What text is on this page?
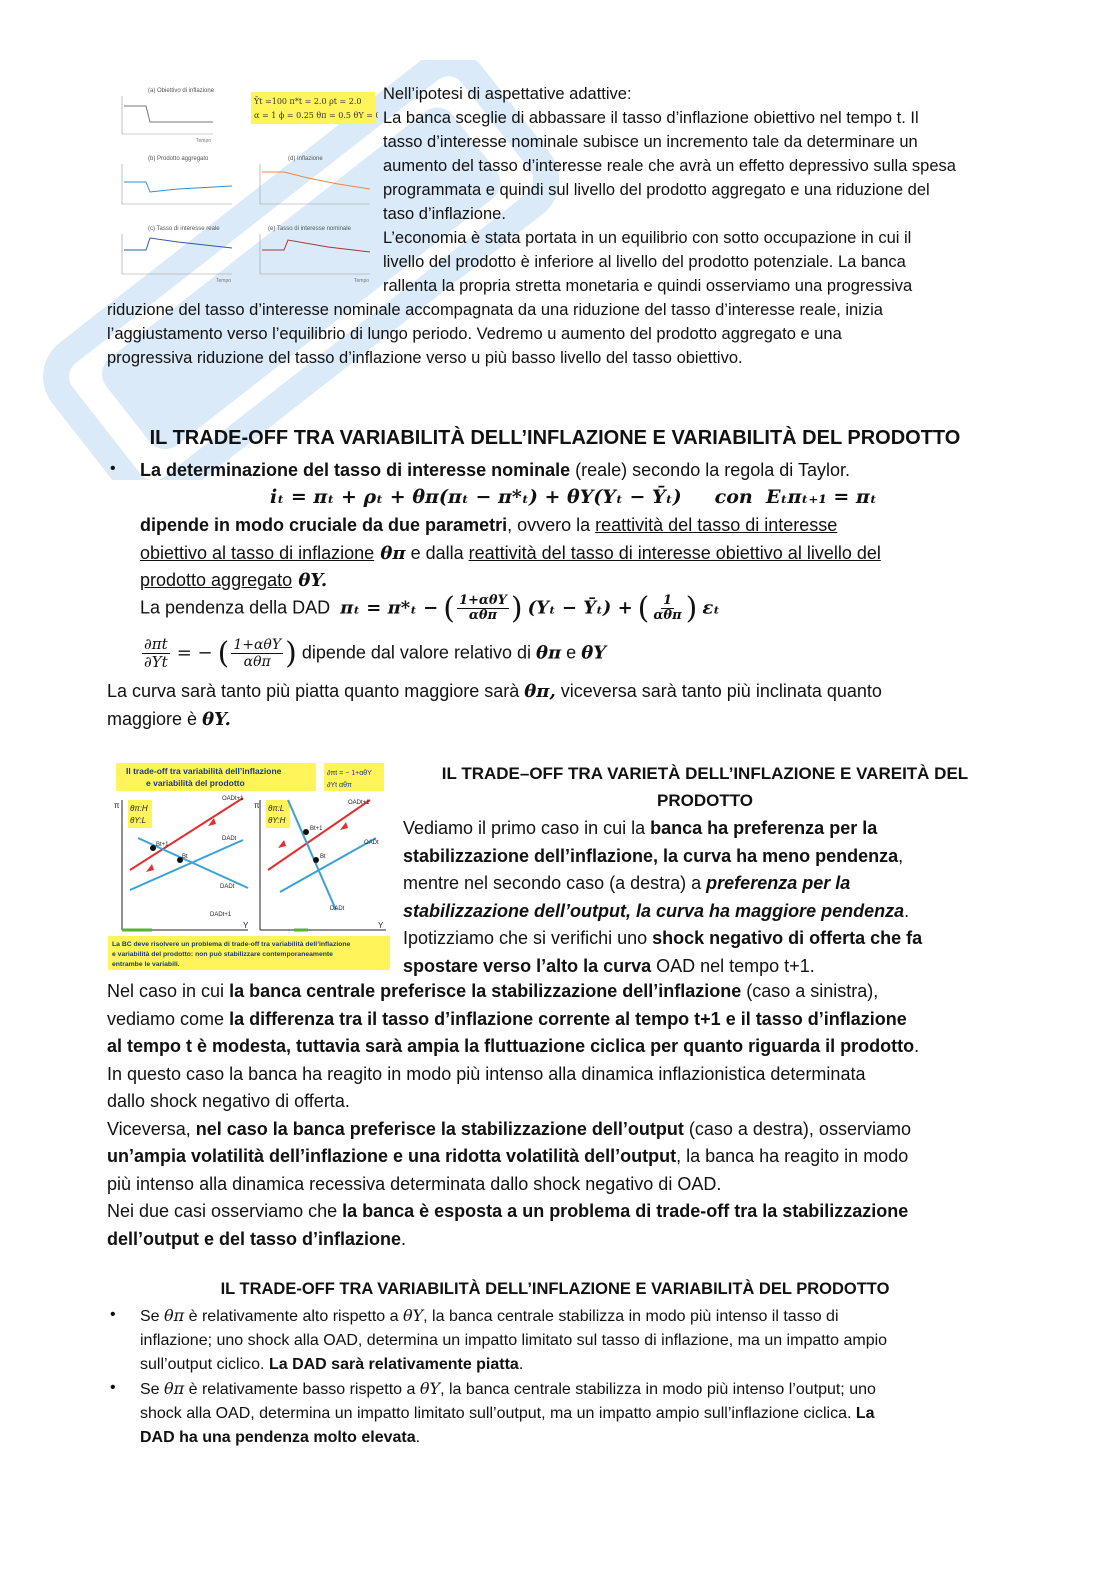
Ȳt =100 π*t = 2.0 ρt = 2.0
α = 1 ϕ = 0.25 θπ = 0.5 θY = 0.5
(a) Obiettivo di inflazione
Tempo
(b) Prodotto aggregato	(d) Inflazione
(c) Tasso di interesse reale	(e) Tasso di interesse nominale
Tempo	Tempo

Nell’ipotesi di aspettative adattive:

La banca sceglie di abbassare il tasso d’inflazione obiettivo nel tempo t. Il

tasso d’interesse nominale subisce un incremento tale da determinare un

aumento del tasso d’interesse reale che avrà un effetto depressivo sulla spesa

programmata e quindi sul livello del prodotto aggregato e una riduzione del

taso d’inflazione.

L’economia è stata portata in un equilibrio con sotto occupazione in cui il

livello del prodotto è inferiore al livello del prodotto potenziale. La banca

rallenta la propria stretta monetaria e quindi osserviamo una progressiva

riduzione del tasso d’interesse nominale accompagnata da una riduzione del tasso d’interesse reale, inizia

l’aggiustamento verso l’equilibrio di lungo periodo. Vedremo u aumento del prodotto aggregato e una

progressiva riduzione del tasso d’inflazione verso u più basso livello del tasso obiettivo.

IL TRADE-OFF TRA VARIABILITÀ DELL’INFLAZIONE E VARIABILITÀ DEL PRODOTTO
• La determinazione del tasso di interesse nominale (reale) secondo la regola di Taylor.
iₜ = πₜ + ρₜ + θπ(πₜ − π*ₜ) + θY(Yₜ − Ȳₜ)     con  Eₜπₜ₊₁ = πₜ

dipende in modo cruciale da due parametri, ovvero la reattività del tasso di interesse

obiettivo al tasso di inflazione θπ e dalla reattività del tasso di interesse obiettivo al livello del

prodotto aggregato θY.

La pendenza della DAD πₜ = π*ₜ − ( $\frac{\text{1+αθY}}{\text{αθπ}}$ ) (Yₜ − Ȳₜ) + ( $\frac{1}{\text{αθπ}}$ ) εₜ
$\frac{\partial\pi t}{\partial Yt}$ = − ( $\frac{\text{1+αθY}}{\text{αθπ}}$ ) dipende dal valore relativo di θπ e θY

La curva sarà tanto più piatta quanto maggiore sarà θπ, viceversa sarà tanto più inclinata quanto

maggiore è θY.

Il trade-off tra variabilità dell’inflazione
e variabilità del prodotto
∂πt = − 1+αθY
∂Yt αθπ
π θπ:H
θY:L
OADt+1
DADt
DADt
Bt
Bt+1
DADt+1
Y
π θπ:L
θY:H
OADt+1
OADt
Bt
Bt+1
DADt
Y
La BC deve risolvere un problema di trade-off tra variabilità dell’inflazione
e variabilità del prodotto: non può stabilizzare contemporaneamente
entrambe le variabili.

IL TRADE–OFF TRA VARIETÀ DELL’INFLAZIONE E VAREITÀ DEL

PRODOTTO

Vediamo il primo caso in cui la banca ha preferenza per la

stabilizzazione dell’inflazione, la curva ha meno pendenza,

mentre nel secondo caso (a destra) a preferenza per la

stabilizzazione dell’output, la curva ha maggiore pendenza.

Ipotizziamo che si verifichi uno shock negativo di offerta che fa

spostare verso l’alto la curva OAD nel tempo t+1.

Nel caso in cui la banca centrale preferisce la stabilizzazione dell’inflazione (caso a sinistra),

vediamo come la differenza tra il tasso d’inflazione corrente al tempo t+1 e il tasso d’inflazione

al tempo t è modesta, tuttavia sarà ampia la fluttuazione ciclica per quanto riguarda il prodotto.

In questo caso la banca ha reagito in modo più intenso alla dinamica inflazionistica determinata

dallo shock negativo di offerta.

Viceversa, nel caso la banca preferisce la stabilizzazione dell’output (caso a destra), osserviamo

un’ampia volatilità dell’inflazione e una ridotta volatilità dell’output, la banca ha reagito in modo

più intenso alla dinamica recessiva determinata dallo shock negativo di OAD.

Nei due casi osserviamo che la banca è esposta a un problema di trade-off tra la stabilizzazione

dell’output e del tasso d’inflazione.

IL TRADE-OFF TRA VARIABILITÀ DELL’INFLAZIONE E VARIABILITÀ DEL PRODOTTO
• Se θπ è relativamente alto rispetto a θY, la banca centrale stabilizza in modo più intenso il tasso di

inflazione; uno shock alla OAD, determina un impatto limitato sul tasso di inflazione, ma un impatto ampio

sull’output ciclico. La DAD sarà relativamente piatta.

• Se θπ è relativamente basso rispetto a θY, la banca centrale stabilizza in modo più intenso l’output; uno

shock alla OAD, determina un impatto limitato sull’output, ma un impatto ampio sull’inflazione ciclica. La

DAD ha una pendenza molto elevata.
